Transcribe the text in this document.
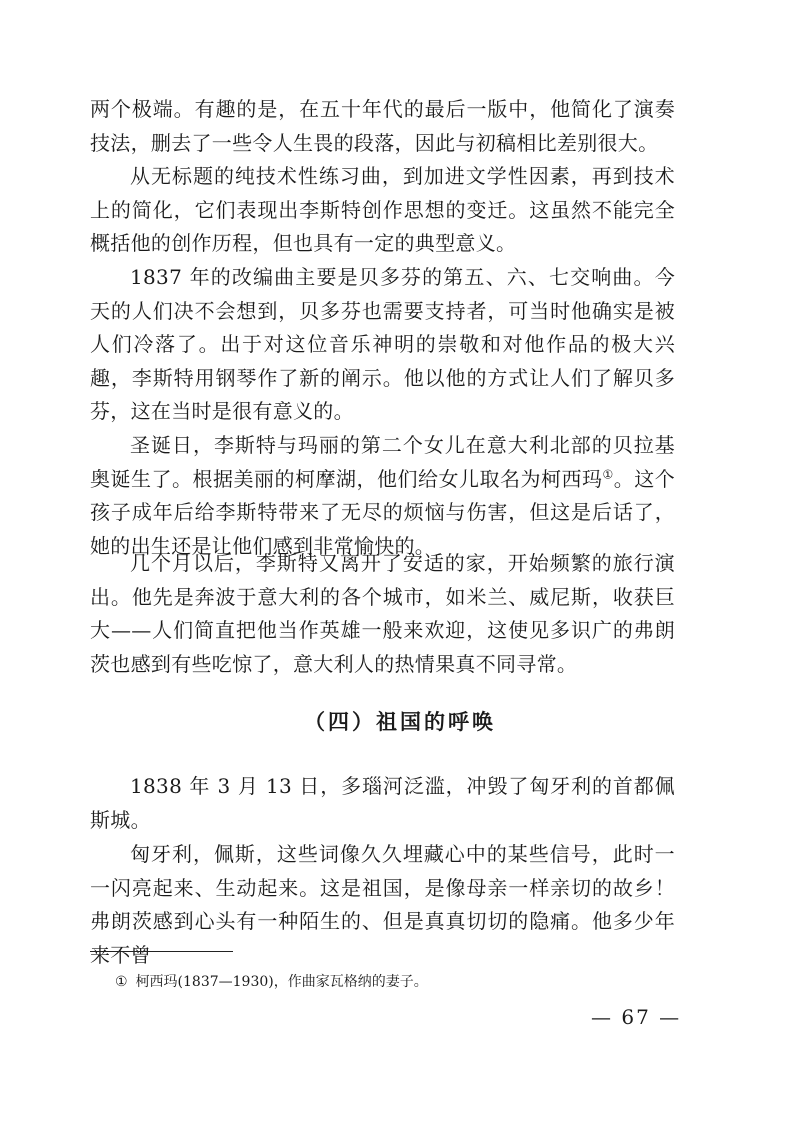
两个极端。有趣的是，在五十年代的最后一版中，他简化了演奏技法，删去了一些令人生畏的段落，因此与初稿相比差别很大。

从无标题的纯技术性练习曲，到加进文学性因素，再到技术上的简化，它们表现出李斯特创作思想的变迁。这虽然不能完全概括他的创作历程，但也具有一定的典型意义。

1837 年的改编曲主要是贝多芬的第五、六、七交响曲。今天的人们决不会想到，贝多芬也需要支持者，可当时他确实是被人们冷落了。出于对这位音乐神明的崇敬和对他作品的极大兴趣，李斯特用钢琴作了新的阐示。他以他的方式让人们了解贝多芬，这在当时是很有意义的。

圣诞日，李斯特与玛丽的第二个女儿在意大利北部的贝拉基奥诞生了。根据美丽的柯摩湖，他们给女儿取名为柯西玛①。这个孩子成年后给李斯特带来了无尽的烦恼与伤害，但这是后话了，她的出生还是让他们感到非常愉快的。

几个月以后，李斯特又离开了安适的家，开始频繁的旅行演出。他先是奔波于意大利的各个城市，如米兰、威尼斯，收获巨大——人们简直把他当作英雄一般来欢迎，这使见多识广的弗朗茨也感到有些吃惊了，意大利人的热情果真不同寻常。

（四）祖国的呼唤

1838 年 3 月 13 日，多瑙河泛滥，冲毁了匈牙利的首都佩斯城。

匈牙利，佩斯，这些词像久久埋藏心中的某些信号，此时一一闪亮起来、生动起来。这是祖国，是像母亲一样亲切的故乡！弗朗茨感到心头有一种陌生的、但是真真切切的隐痛。他多少年来不曾

① 柯西玛(1837—1930)，作曲家瓦格纳的妻子。

— 67 —
